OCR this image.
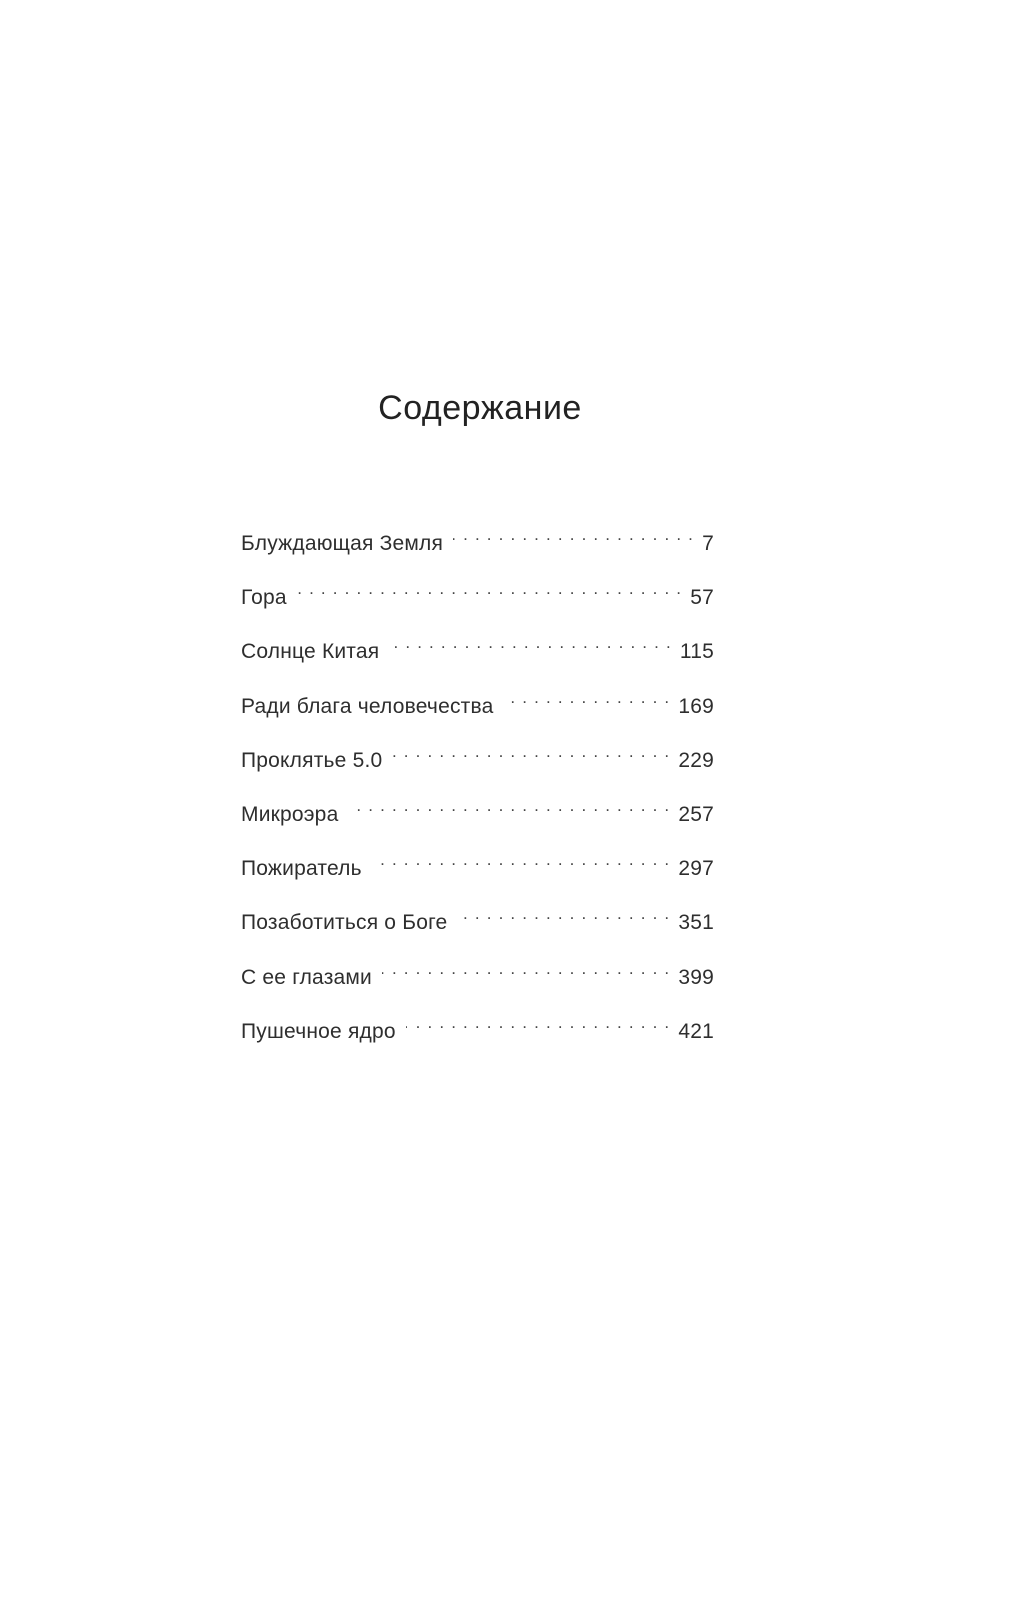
Содержание
Блуждающая Земля . . .	7
Гора . . .	57
Солнце Китая . . .	115
Ради блага человечества . . .	169
Проклятье 5.0 . . .	229
Микроэра . . .	257
Пожиратель . . .	297
Позаботиться о Боге . . .	351
С ее глазами . . .	399
Пушечное ядро . . .	421
